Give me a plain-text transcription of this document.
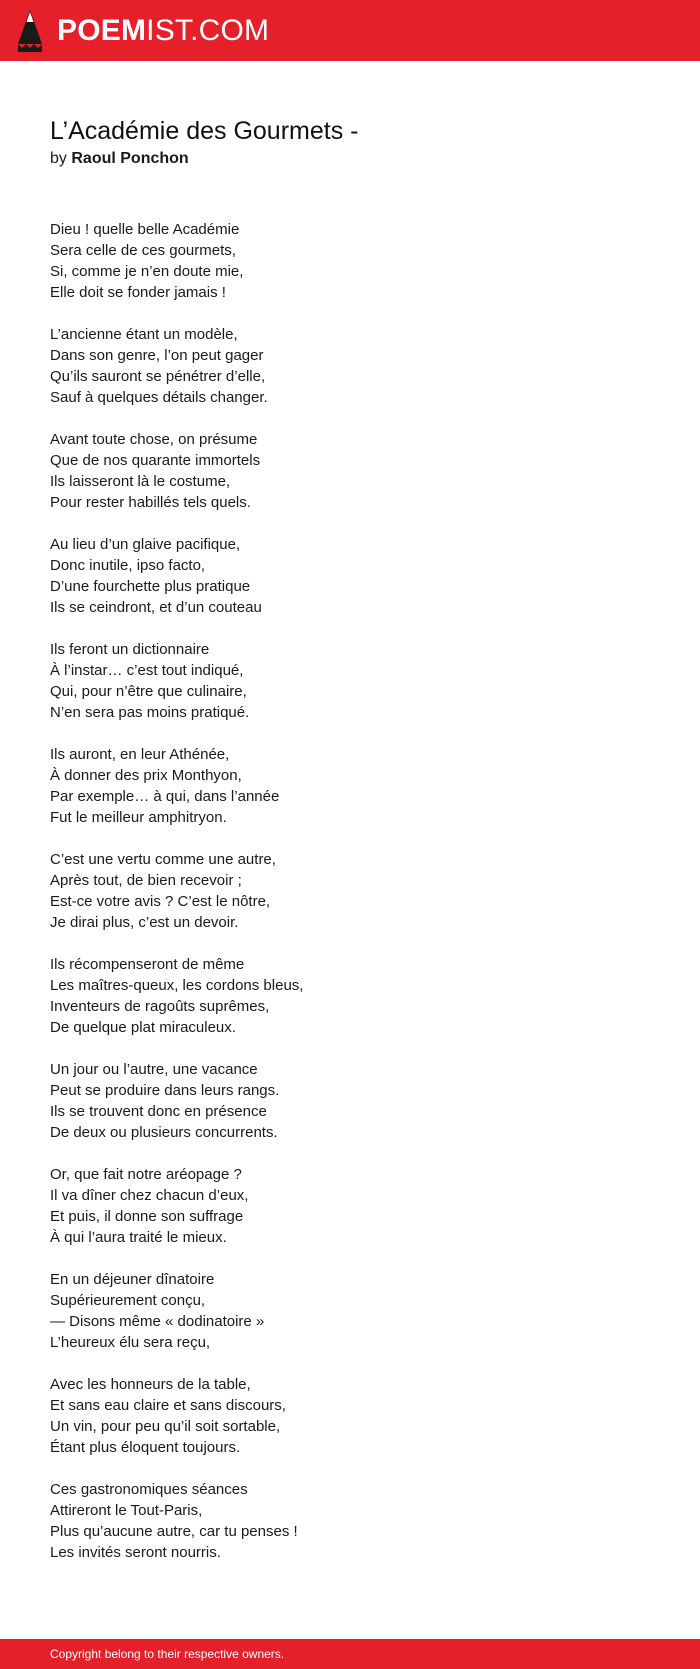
POEMIST.COM
L’Académie des Gourmets -
by Raoul Ponchon
Dieu ! quelle belle Académie
Sera celle de ces gourmets,
Si, comme je n’en doute mie,
Elle doit se fonder jamais !
L’ancienne étant un modèle,
Dans son genre, l’on peut gager
Qu’ils sauront se pénétrer d’elle,
Sauf à quelques détails changer.
Avant toute chose, on présume
Que de nos quarante immortels
Ils laisseront là le costume,
Pour rester habillés tels quels.
Au lieu d’un glaive pacifique,
Donc inutile, ipso facto,
D’une fourchette plus pratique
Ils se ceindront, et d’un couteau
Ils feront un dictionnaire
À l’instar… c’est tout indiqué,
Qui, pour n’être que culinaire,
N’en sera pas moins pratiqué.
Ils auront, en leur Athénée,
À donner des prix Monthyon,
Par exemple… à qui, dans l’année
Fut le meilleur amphitryon.
C’est une vertu comme une autre,
Après tout, de bien recevoir ;
Est-ce votre avis ? C’est le nôtre,
Je dirai plus, c’est un devoir.
Ils récompenseront de même
Les maîtres-queux, les cordons bleus,
Inventeurs de ragoûts suprêmes,
De quelque plat miraculeux.
Un jour ou l’autre, une vacance
Peut se produire dans leurs rangs.
Ils se trouvent donc en présence
De deux ou plusieurs concurrents.
Or, que fait notre aréopage ?
Il va dîner chez chacun d’eux,
Et puis, il donne son suffrage
À qui l’aura traité le mieux.
En un déjeuner dînatoire
Supérieurement conçu,
— Disons même « dodinatoire »
L’heureux élu sera reçu,
Avec les honneurs de la table,
Et sans eau claire et sans discours,
Un vin, pour peu qu’il soit sortable,
Étant plus éloquent toujours.
Ces gastronomiques séances
Attireront le Tout-Paris,
Plus qu’aucune autre, car tu penses !
Les invités seront nourris.
Copyright belong to their respective owners.
